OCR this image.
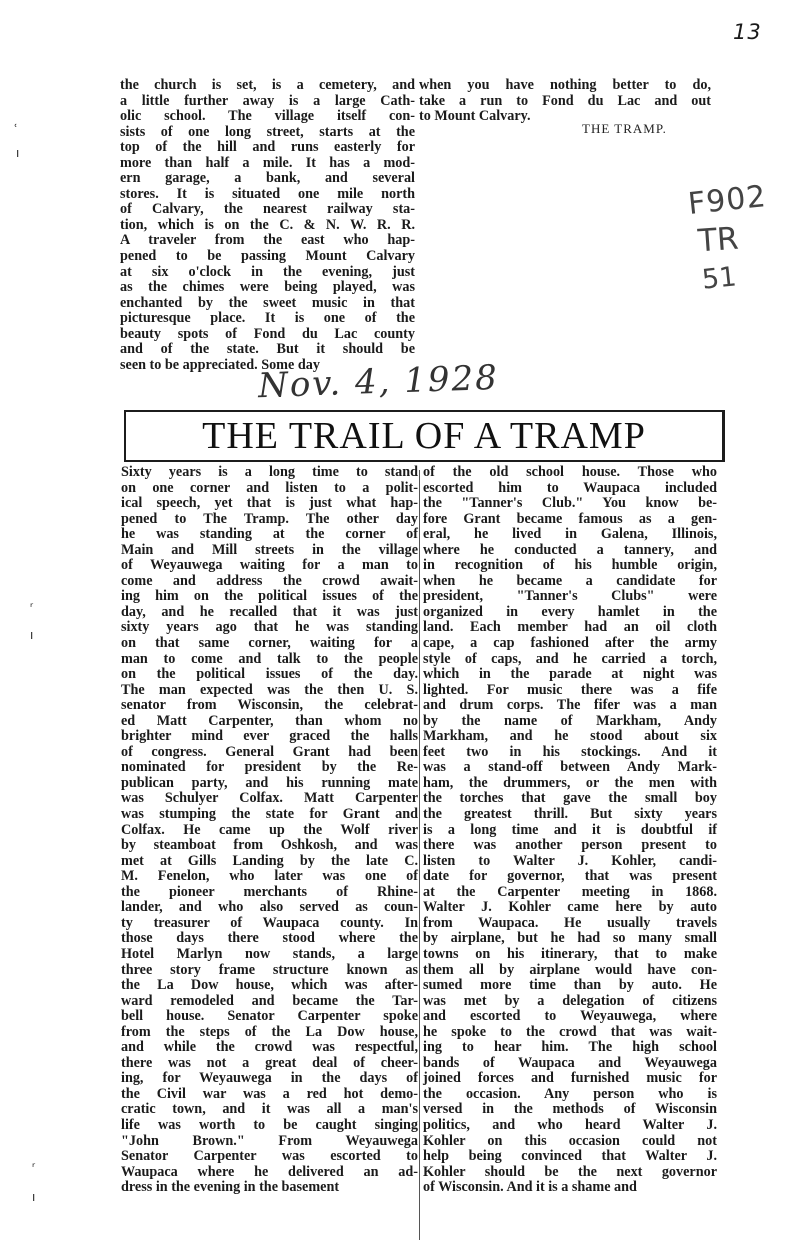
13
the church is set, is a cemetery, and
a little further away is a large Cath-
olic school. The village itself con-
sists of one long street, starts at the
top of the hill and runs easterly for
more than half a mile. It has a mod-
ern garage, a bank, and several
stores. It is situated one mile north
of Calvary, the nearest railway sta-
tion, which is on the C. & N. W. R. R.
A traveler from the east who hap-
pened to be passing Mount Calvary
at six o'clock in the evening, just
as the chimes were being played, was
enchanted by the sweet music in that
picturesque place. It is one of the
beauty spots of Fond du Lac county
and of the state. But it should be
seen to be appreciated. Some day
when you have nothing better to do,
take a run to Fond du Lac and out
to Mount Calvary.
THE TRAMP.
F902
TR
51
Nov. 4, 1928
THE TRAIL OF A TRAMP
Sixty years is a long time to stand
on one corner and listen to a polit-
ical speech, yet that is just what hap-
pened to The Tramp. The other day
he was standing at the corner of
Main and Mill streets in the village
of Weyauwega waiting for a man to
come and address the crowd await-
ing him on the political issues of the
day, and he recalled that it was just
sixty years ago that he was standing
on that same corner, waiting for a
man to come and talk to the people
on the political issues of the day.
The man expected was the then U. S.
senator from Wisconsin, the celebrat-
ed Matt Carpenter, than whom no
brighter mind ever graced the halls
of congress. General Grant had been
nominated for president by the Re-
publican party, and his running mate
was Schulyer Colfax. Matt Carpenter
was stumping the state for Grant and
Colfax. He came up the Wolf river
by steamboat from Oshkosh, and was
met at Gills Landing by the late C.
M. Fenelon, who later was one of
the pioneer merchants of Rhine-
lander, and who also served as coun-
ty treasurer of Waupaca county. In
those days there stood where the
Hotel Marlyn now stands, a large
three story frame structure known as
the La Dow house, which was after-
ward remodeled and became the Tar-
bell house. Senator Carpenter spoke
from the steps of the La Dow house,
and while the crowd was respectful,
there was not a great deal of cheer-
ing, for Weyauwega in the days of
the Civil war was a red hot demo-
cratic town, and it was all a man's
life was worth to be caught singing
"John Brown." From Weyauwega
Senator Carpenter was escorted to
Waupaca where he delivered an ad-
dress in the evening in the basement
of the old school house. Those who
escorted him to Waupaca included
the "Tanner's Club." You know be-
fore Grant became famous as a gen-
eral, he lived in Galena, Illinois,
where he conducted a tannery, and
in recognition of his humble origin,
when he became a candidate for
president, "Tanner's Clubs" were
organized in every hamlet in the
land. Each member had an oil cloth
cape, a cap fashioned after the army
style of caps, and he carried a torch,
which in the parade at night was
lighted. For music there was a fife
and drum corps. The fifer was a man
by the name of Markham, Andy
Markham, and he stood about six
feet two in his stockings. And it
was a stand-off between Andy Mark-
ham, the drummers, or the men with
the torches that gave the small boy
the greatest thrill. But sixty years
is a long time and it is doubtful if
there was another person present to
listen to Walter J. Kohler, candi-
date for governor, that was present
at the Carpenter meeting in 1868.
Walter J. Kohler came here by auto
from Waupaca. He usually travels
by airplane, but he had so many small
towns on his itinerary, that to make
them all by airplane would have con-
sumed more time than by auto. He
was met by a delegation of citizens
and escorted to Weyauwega, where
he spoke to the crowd that was wait-
ing to hear him. The high school
bands of Waupaca and Weyauwega
joined forces and furnished music for
the occasion. Any person who is
versed in the methods of Wisconsin
politics, and who heard Walter J.
Kohler on this occasion could not
help being convinced that Walter J.
Kohler should be the next governor
of Wisconsin. And it is a shame and
ʿ
ı
ʳ
ı
ʳ
ı
